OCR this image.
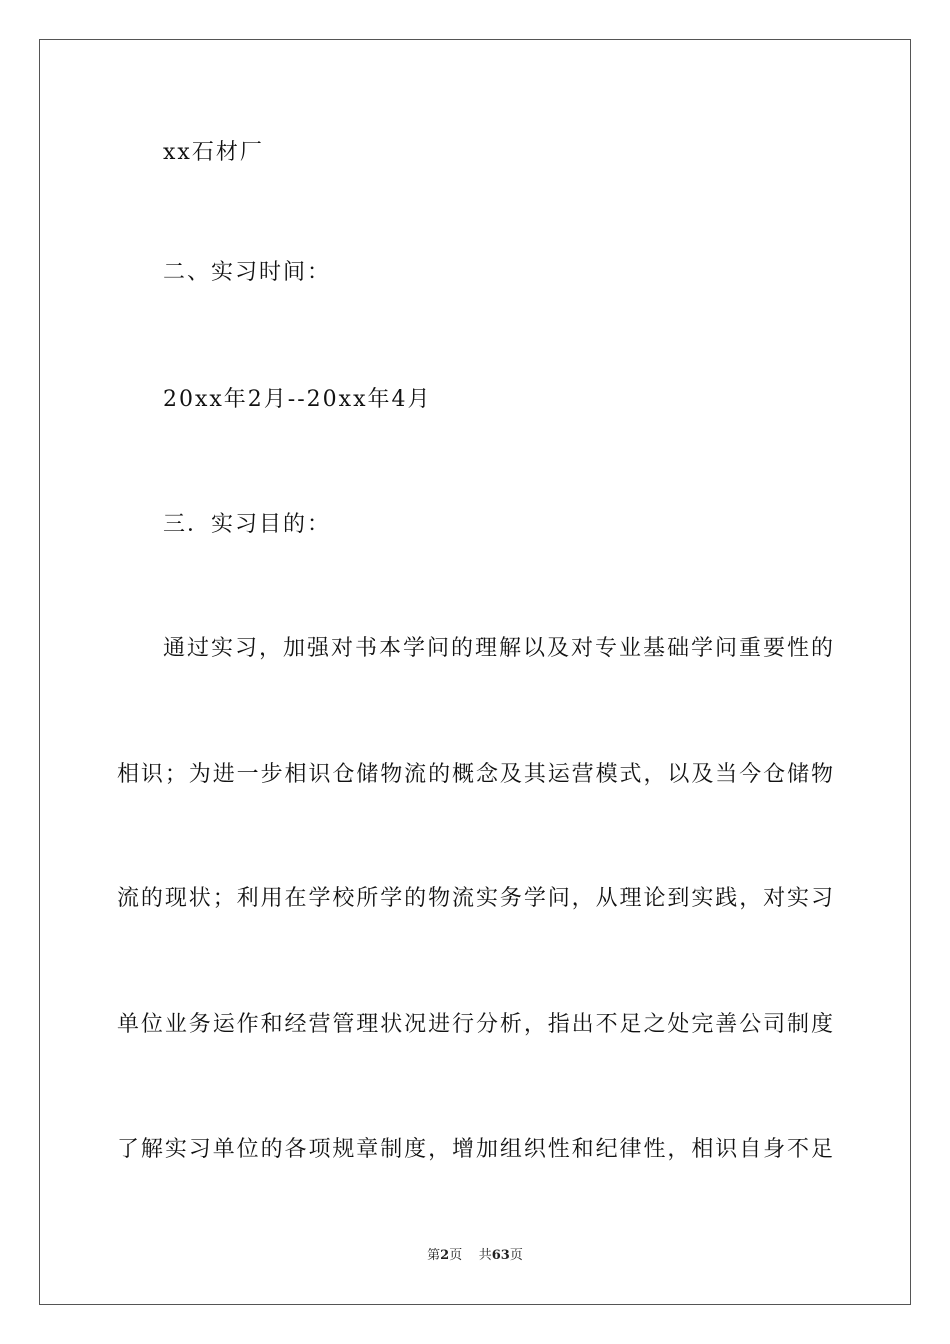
xx石材厂
二、实习时间：
20xx年2月--20xx年4月
三．实习目的：
通过实习，加强对书本学问的理解以及对专业基础学问重要性的
相识；为进一步相识仓储物流的概念及其运营模式，以及当今仓储物
流的现状；利用在学校所学的物流实务学问，从理论到实践，对实习
单位业务运作和经营管理状况进行分析，指出不足之处完善公司制度
了解实习单位的各项规章制度，增加组织性和纪律性，相识自身不足
第2页 共63页
